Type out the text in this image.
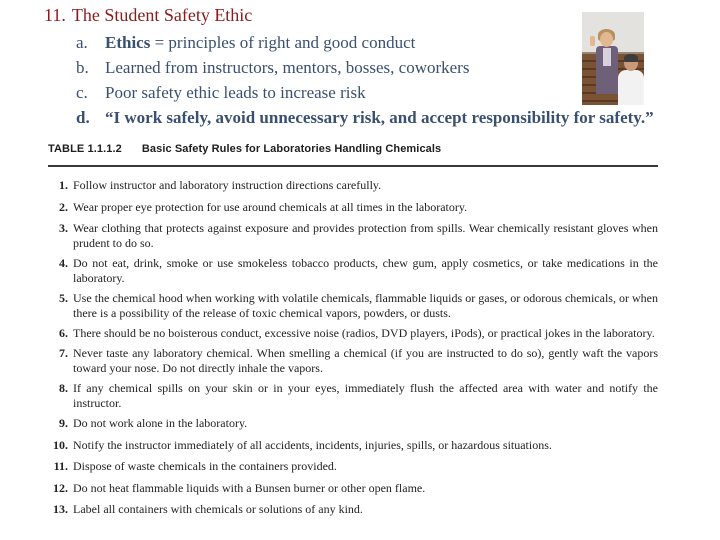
11. The Student Safety Ethic
a.	Ethics = principles of right and good conduct
b. Learned from instructors, mentors, bosses, coworkers
c.	Poor safety ethic leads to increase risk
d. “I work safely, avoid unnecessary risk, and accept responsibility for safety.”
TABLE 1.1.1.2 Basic Safety Rules for Laboratories Handling Chemicals
1. Follow instructor and laboratory instruction directions carefully.
2. Wear proper eye protection for use around chemicals at all times in the laboratory.
3. Wear clothing that protects against exposure and provides protection from spills. Wear chemically resistant gloves when prudent to do so.
4. Do not eat, drink, smoke or use smokeless tobacco products, chew gum, apply cosmetics, or take medications in the laboratory.
5. Use the chemical hood when working with volatile chemicals, flammable liquids or gases, or odorous chemicals, or when there is a possibility of the release of toxic chemical vapors, powders, or dusts.
6. There should be no boisterous conduct, excessive noise (radios, DVD players, iPods), or practical jokes in the laboratory.
7. Never taste any laboratory chemical. When smelling a chemical (if you are instructed to do so), gently waft the vapors toward your nose. Do not directly inhale the vapors.
8. If any chemical spills on your skin or in your eyes, immediately flush the affected area with water and notify the instructor.
9. Do not work alone in the laboratory.
10. Notify the instructor immediately of all accidents, incidents, injuries, spills, or hazardous situations.
11. Dispose of waste chemicals in the containers provided.
12. Do not heat flammable liquids with a Bunsen burner or other open flame.
13. Label all containers with chemicals or solutions of any kind.
